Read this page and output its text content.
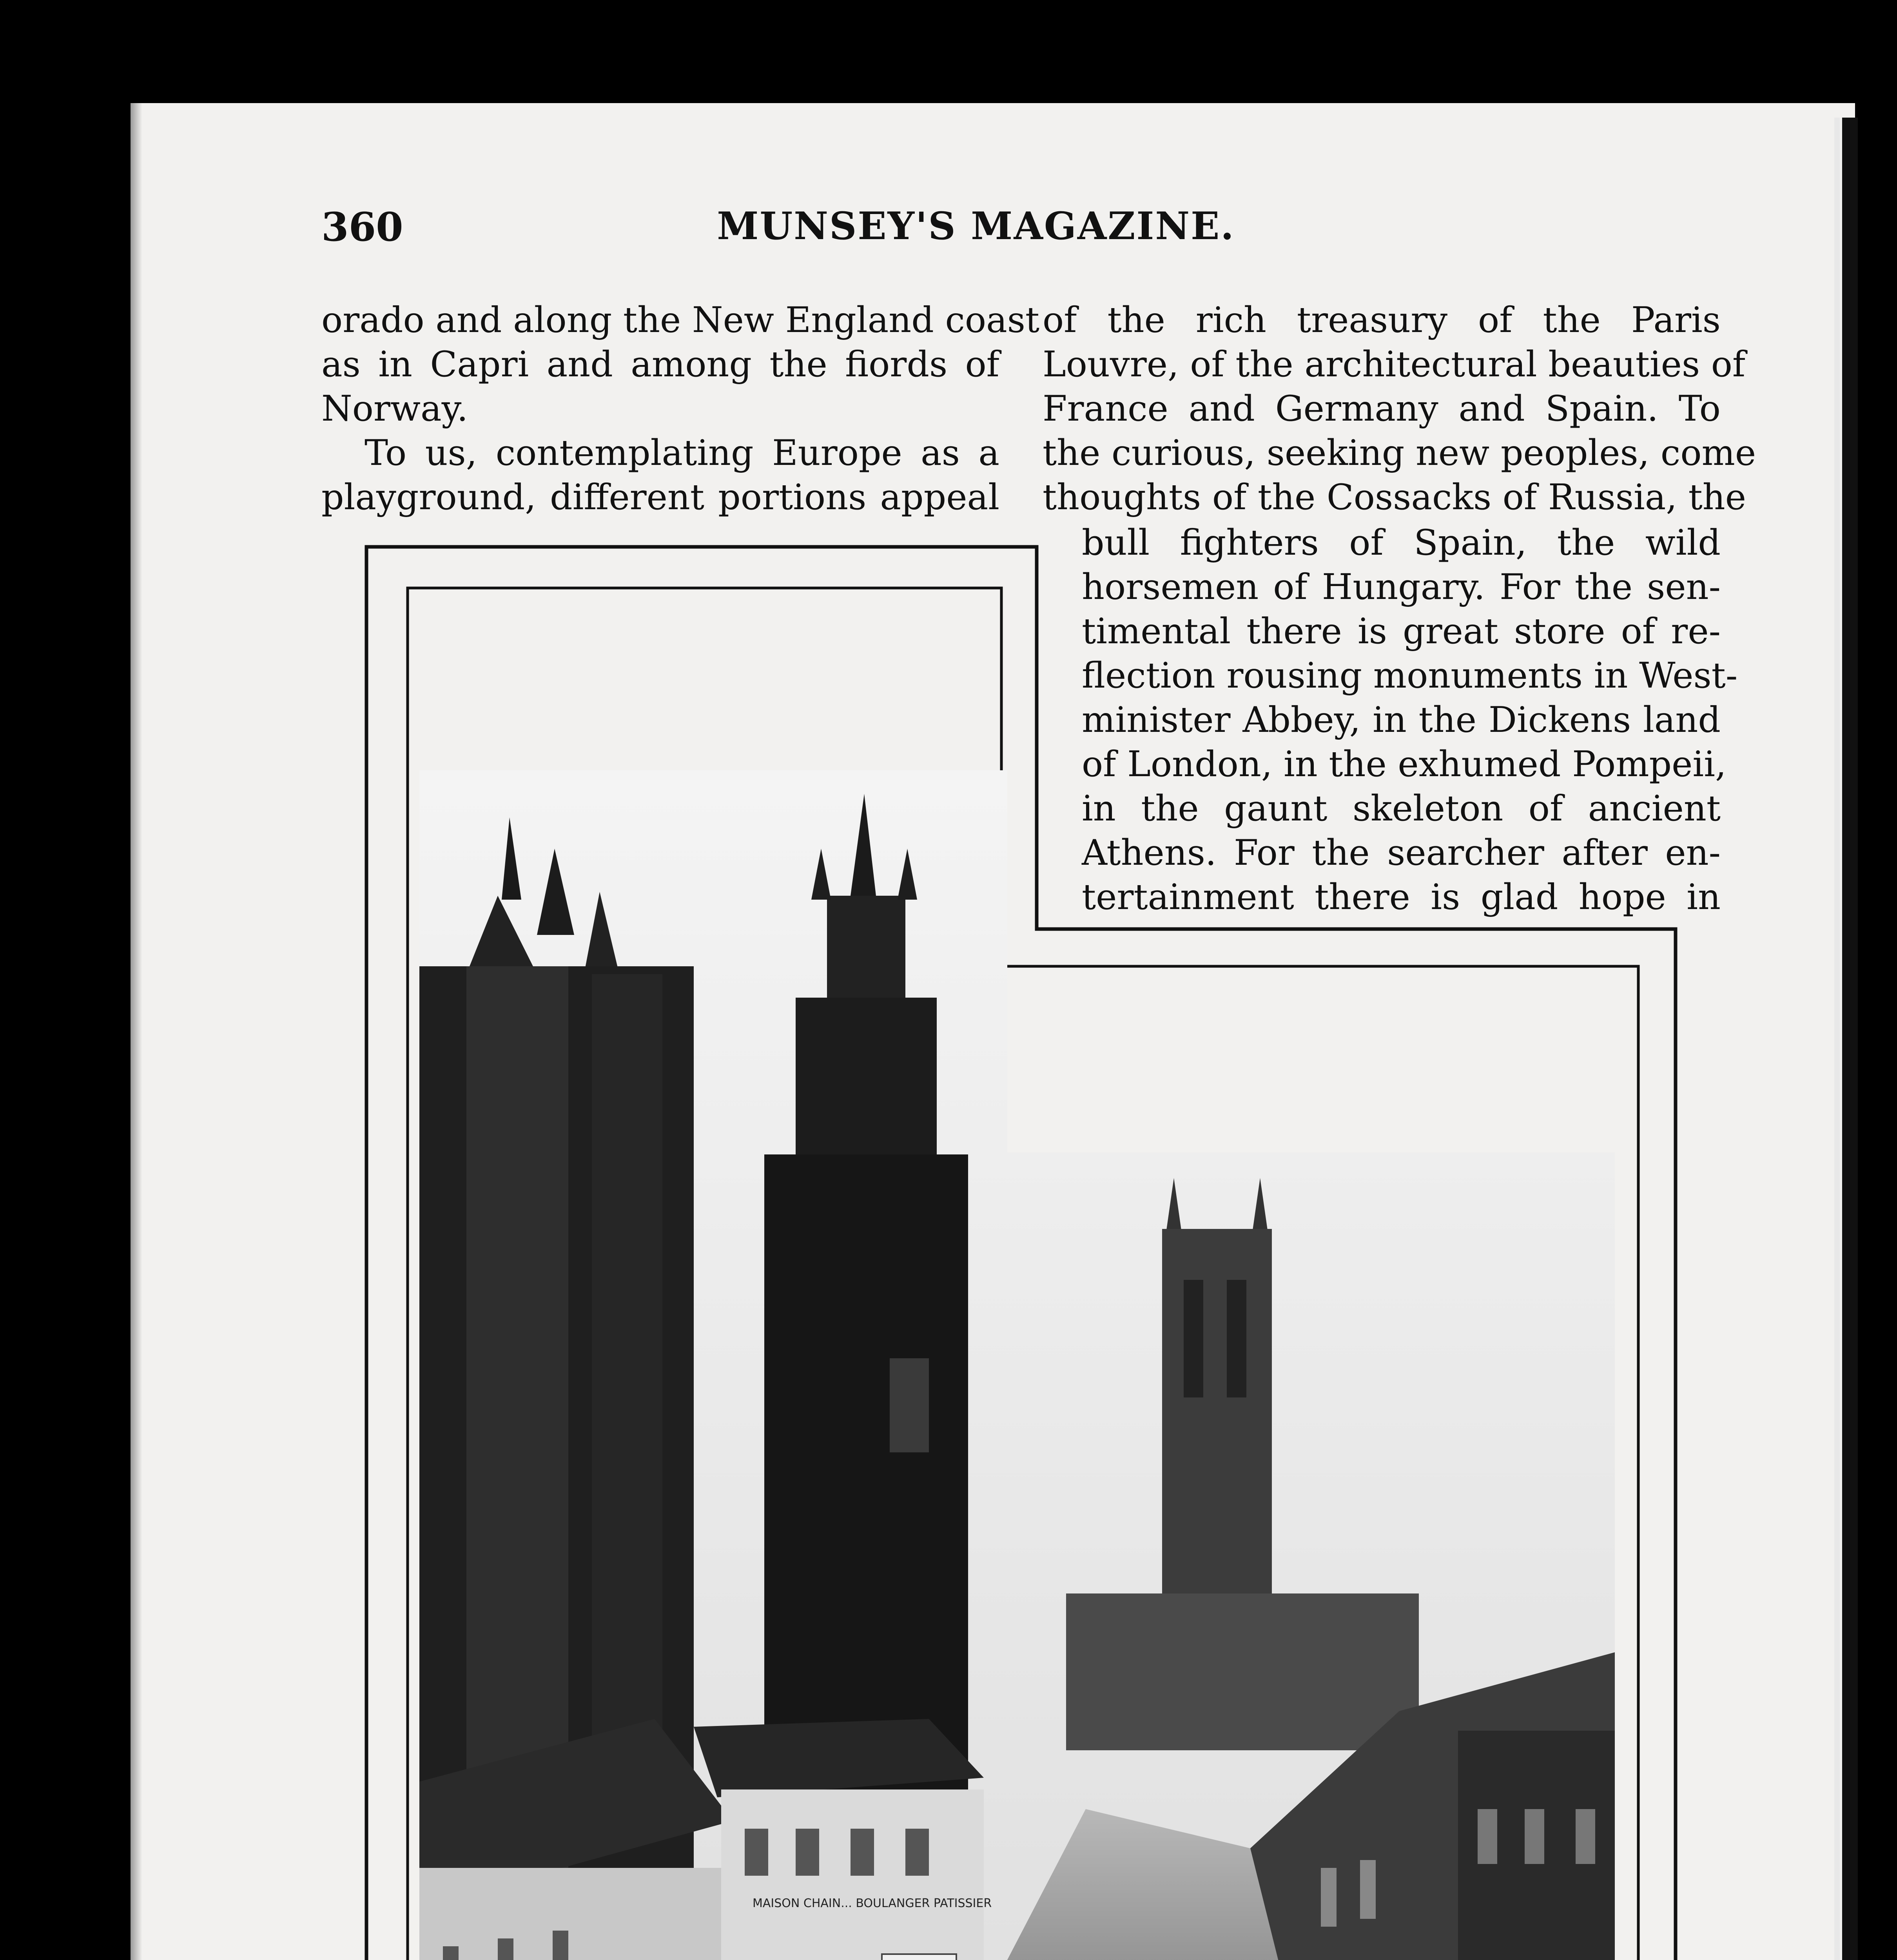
360	MUNSEY'S MAGAZINE.
orado and along the New England coast
as in Capri and among the fiords of
Norway.
To us, contemplating Europe as a
playground, different portions appeal
of the rich treasury of the Paris
Louvre, of the architectural beauties of
France and Germany and Spain. To
the curious, seeking new peoples, come
thoughts of the Cossacks of Russia, the
bull fighters of Spain, the wild
horsemen of Hungary. For the sen-
timental there is great store of re-
flection rousing monuments in West-
minister Abbey, in the Dickens land
of London, in the exhumed Pompeii,
in the gaunt skeleton of ancient
Athens. For the searcher after en-
tertainment there is glad hope in
MAISON CHAIN... BOULANGER PATISSIER
